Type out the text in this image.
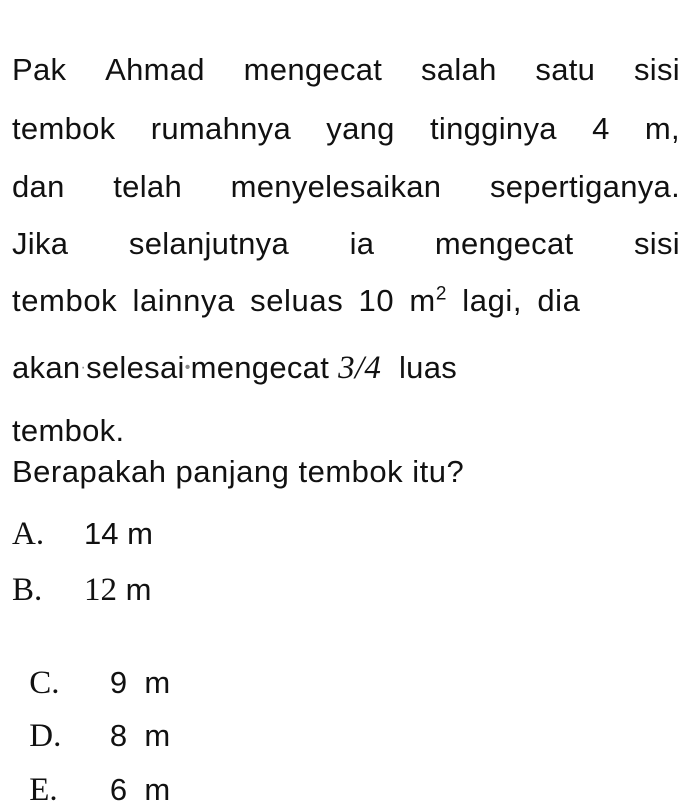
Pak Ahmad mengecat salah satu sisi
tembok rumahnya yang tingginya 4 m,
dan telah menyelesaikan sepertiganya.
Jika selanjutnya ia mengecat sisi
tembok lainnya seluas 10 $m^2$ lagi, dia
akan·selesai•mengecat 3/4 luas
tembok.
Berapakah panjang tembok itu?
A. 14 m
B. 12 m

C. 9  m

D. 8  m

E. 6  m
